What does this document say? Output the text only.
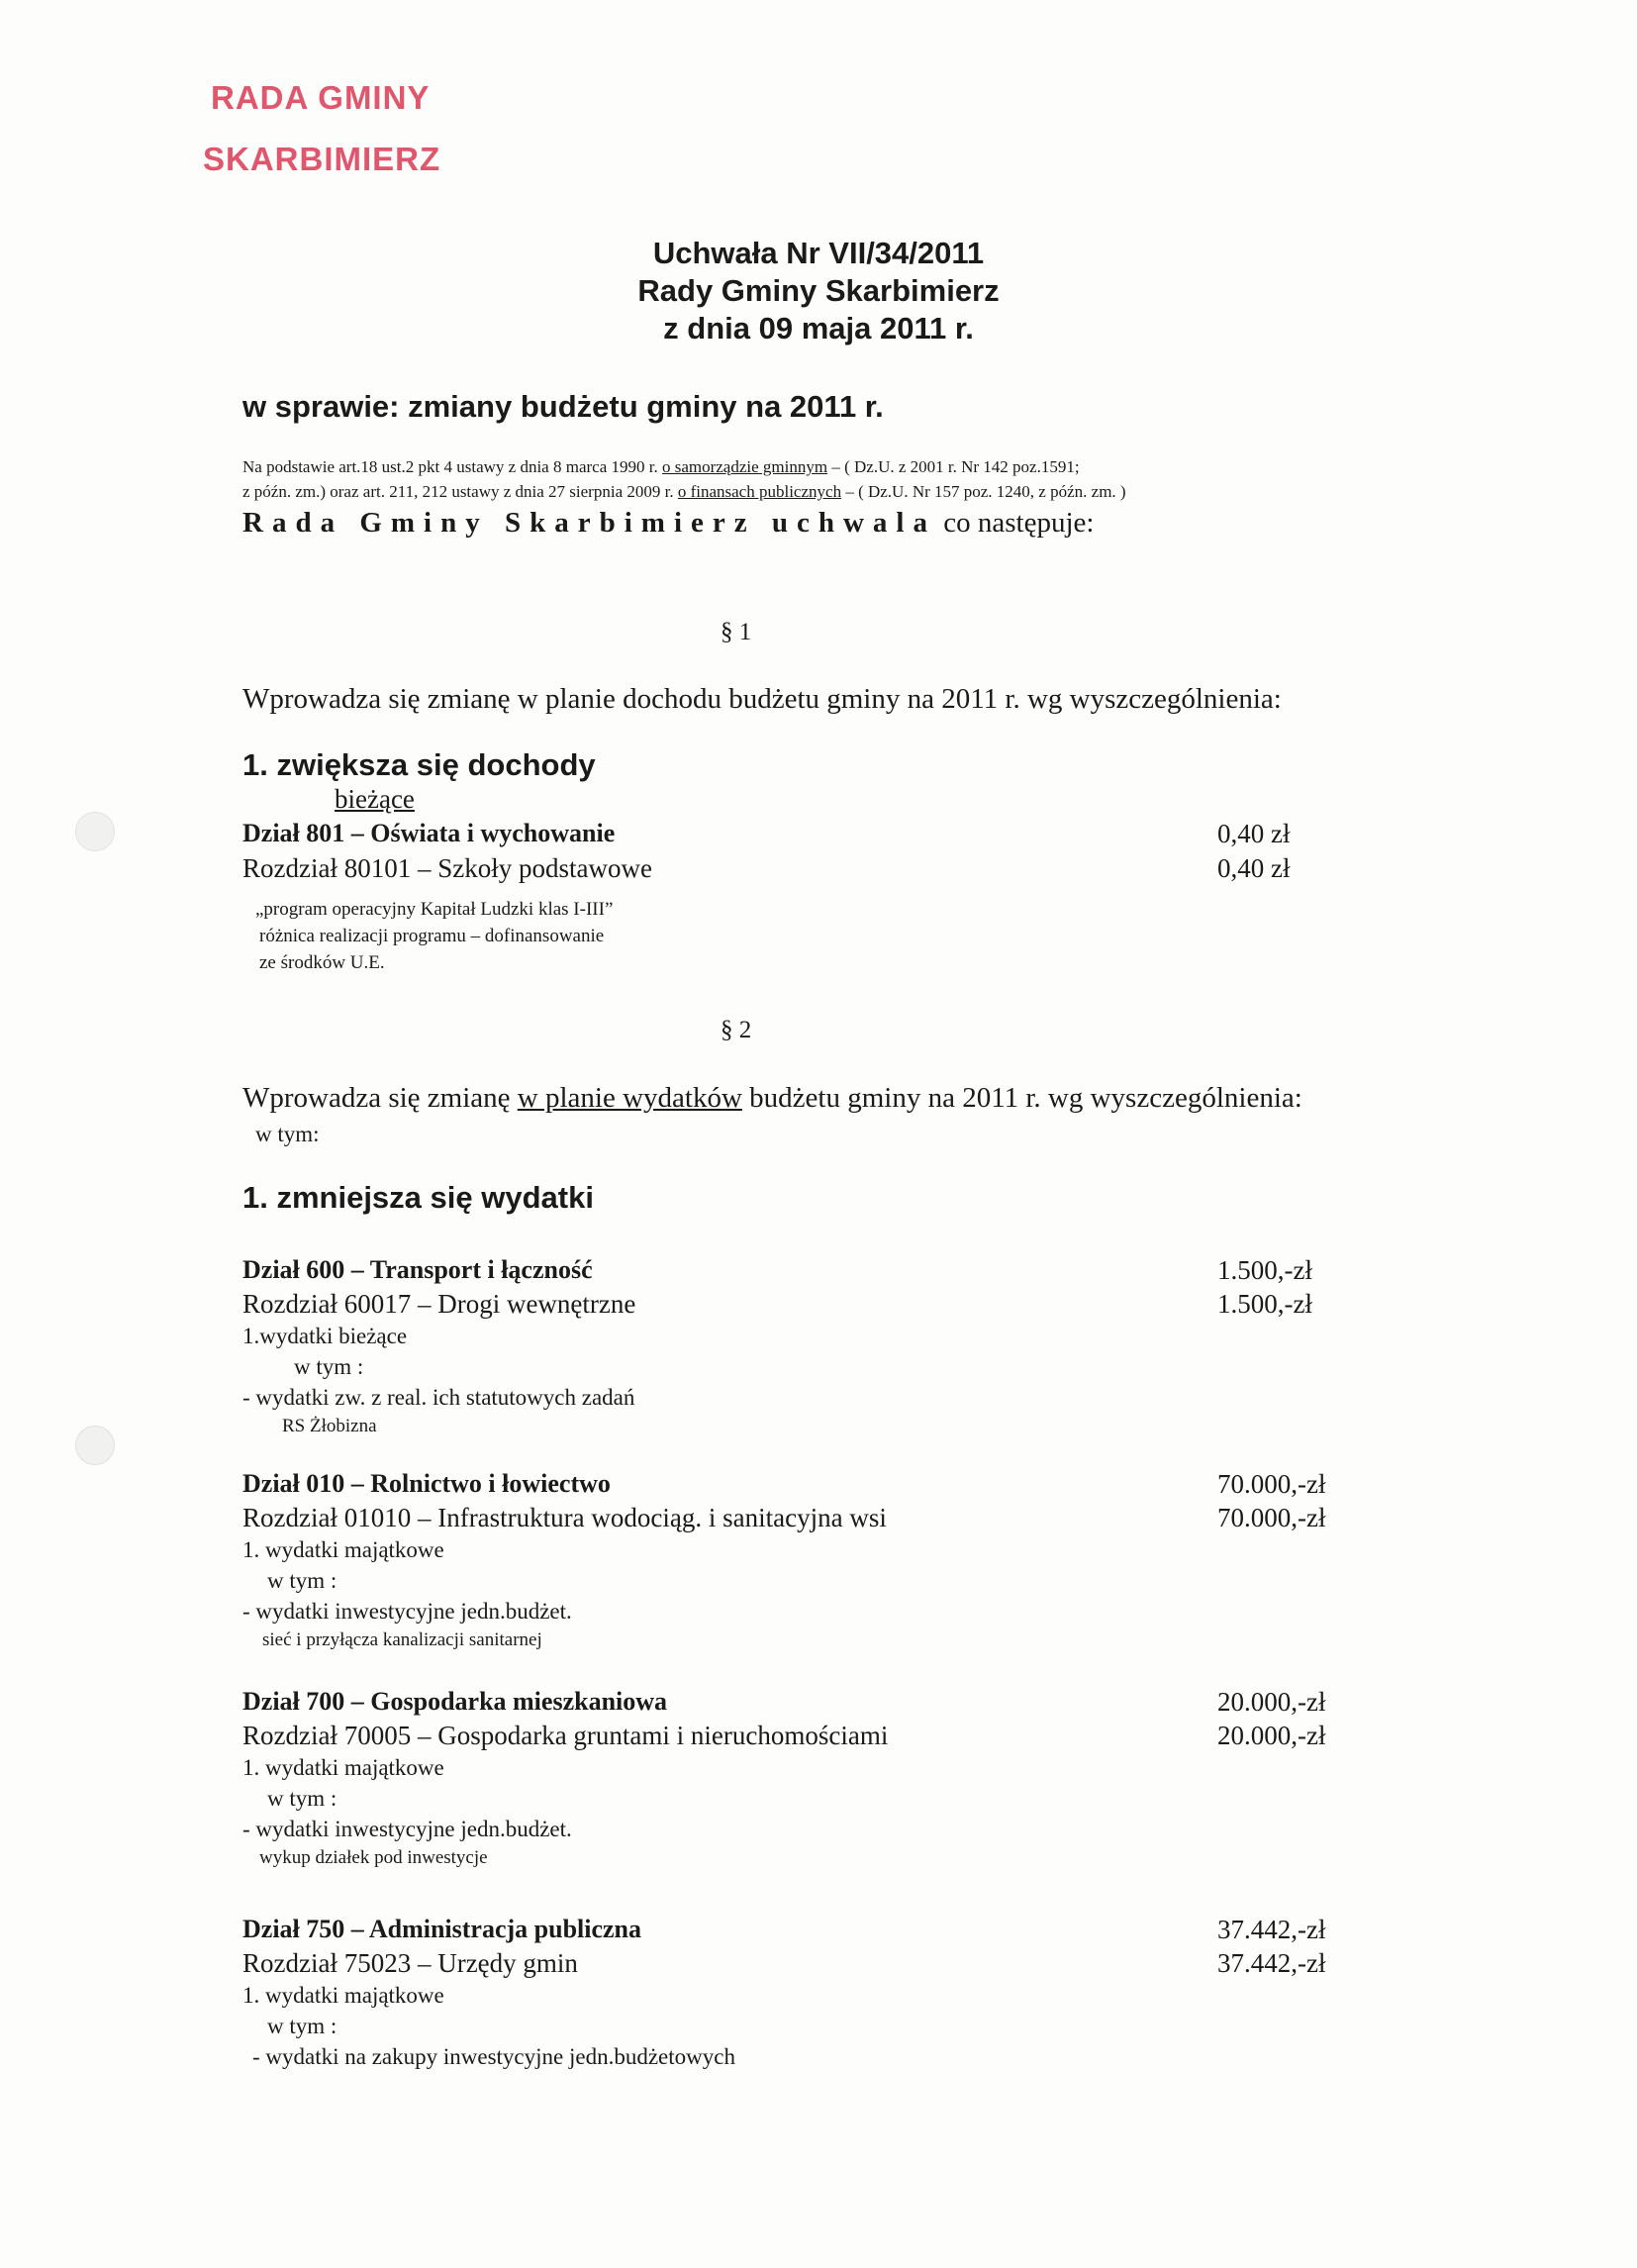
RADA GMINY
SKARBIMIERZ
Uchwała Nr VII/34/2011
Rady Gminy Skarbimierz
z dnia 09 maja 2011 r.
w sprawie: zmiany budżetu gminy na 2011 r.
Na podstawie art.18 ust.2 pkt 4 ustawy z dnia 8 marca 1990 r. o samorządzie gminnym – ( Dz.U. z 2001 r. Nr 142 poz.1591;
z późn. zm.) oraz art. 211, 212 ustawy z dnia 27 sierpnia 2009 r. o finansach publicznych – ( Dz.U. Nr 157 poz. 1240, z późn. zm. )
Rada Gminy Skarbimierz uchwala co następuje:
§ 1
Wprowadza się zmianę w planie dochodu budżetu gminy na 2011 r. wg wyszczególnienia:
1. zwiększa się dochody
bieżące
Dział 801 – Oświata i wychowanie	0,40 zł
Rozdział 80101 – Szkoły podstawowe	0,40 zł
„program operacyjny Kapitał Ludzki klas I-III”
różnica realizacji programu – dofinansowanie
ze środków U.E.
§ 2
Wprowadza się zmianę w planie wydatków budżetu gminy na 2011 r. wg wyszczególnienia:
w tym:
1. zmniejsza się wydatki
Dział 600 – Transport i łączność	1.500,-zł
Rozdział 60017 – Drogi wewnętrzne	1.500,-zł
1.wydatki bieżące
w tym :
- wydatki zw. z real. ich statutowych zadań
RS Żłobizna
Dział 010 – Rolnictwo i łowiectwo	70.000,-zł
Rozdział 01010 – Infrastruktura wodociąg. i sanitacyjna wsi	70.000,-zł
1. wydatki majątkowe
w tym :
- wydatki inwestycyjne jedn.budżet.
sieć i przyłącza kanalizacji sanitarnej
Dział 700 – Gospodarka mieszkaniowa	20.000,-zł
Rozdział 70005 – Gospodarka gruntami i nieruchomościami	20.000,-zł
1. wydatki majątkowe
w tym :
- wydatki inwestycyjne jedn.budżet.
wykup działek pod inwestycje
Dział 750 – Administracja publiczna	37.442,-zł
Rozdział 75023 – Urzędy gmin	37.442,-zł
1. wydatki majątkowe
w tym :
- wydatki na zakupy inwestycyjne jedn.budżetowych
